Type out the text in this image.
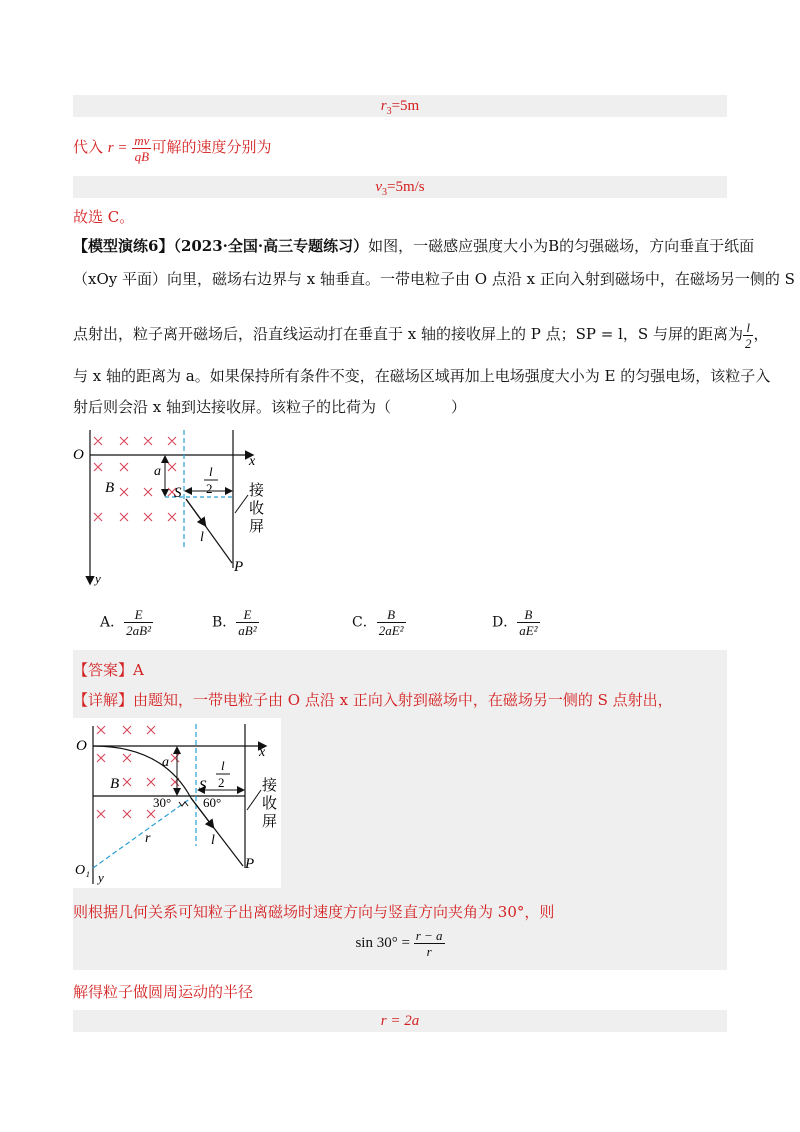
$r_3=5m$
代入 $r = \frac{mv}{qB}$ 可解的速度分别为
$v_3=5m/s$
故选 C。
【模型演练6】（2023·全国·高三专题练习）如图，一磁感应强度大小为B的匀强磁场，方向垂直于纸面
（xOy 平面）向里，磁场右边界与 x 轴垂直。一带电粒子由 O 点沿 x 正向入射到磁场中，在磁场另一侧的 S
点射出，粒子离开磁场后，沿直线运动打在垂直于 x 轴的接收屏上的 P 点；SP = l，S 与屏的距离为 $\frac{l}{2}$ ，
与 x 轴的距离为 a。如果保持所有条件不变，在磁场区域再加上电场强度大小为 E 的匀强电场，该粒子入
射后则会沿 x 轴到达接收屏。该粒子的比荷为（　　　　）
O	x
y
a
B	S
P
l
l
2 接
收
屏
A． $\frac{E}{\text{2aB²}}$	B． $\frac{E}{\text{aB²}}$	C． $\frac{B}{\text{2aE²}}$	D． $\frac{B}{\text{aE²}}$
【答案】A
【详解】由题知，一带电粒子由 O 点沿 x 正向入射到磁场中，在磁场另一侧的 S 点射出，
O
O₁
x
y
a
B	S
P
l
r
30° 60°
l
2	接
收
屏
则根据几何关系可知粒子出离磁场时速度方向与竖直方向夹角为 30°，则
$\sin 30^\circ = \frac{r - a}{r}$
解得粒子做圆周运动的半径
r = 2a
